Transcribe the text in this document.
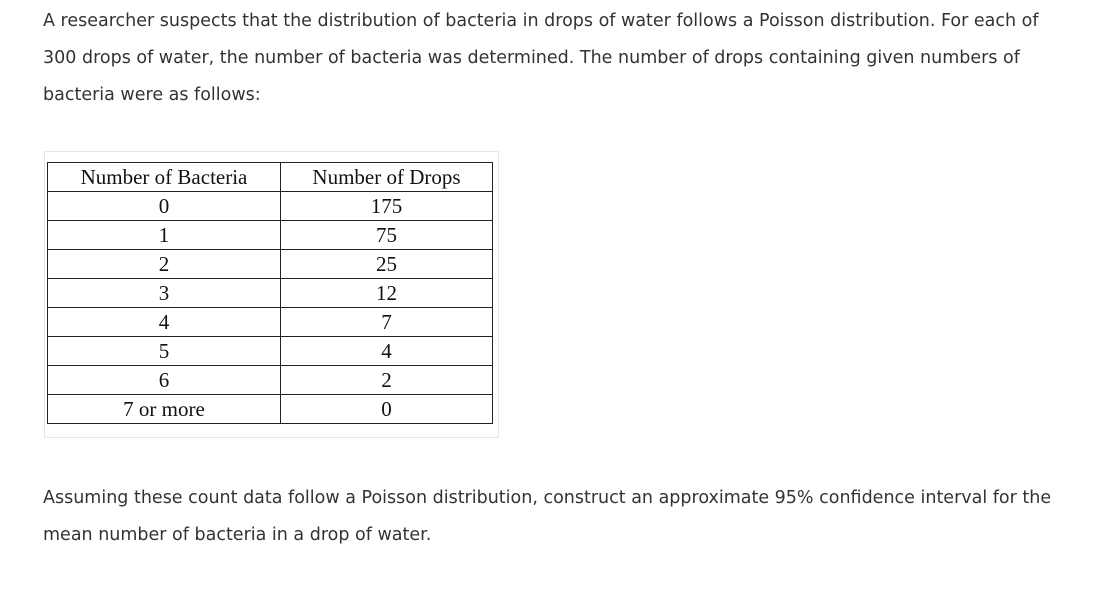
A researcher suspects that the distribution of bacteria in drops of water follows a Poisson distribution. For each of 300 drops of water, the number of bacteria was determined. The number of drops containing given numbers of bacteria were as follows:

Number of Bacteria	Number of Drops
0	175
1	75
2	25
3	12
4	7
5	4
6	2
7 or more	0

Assuming these count data follow a Poisson distribution, construct an approximate 95% confidence interval for the mean number of bacteria in a drop of water.
